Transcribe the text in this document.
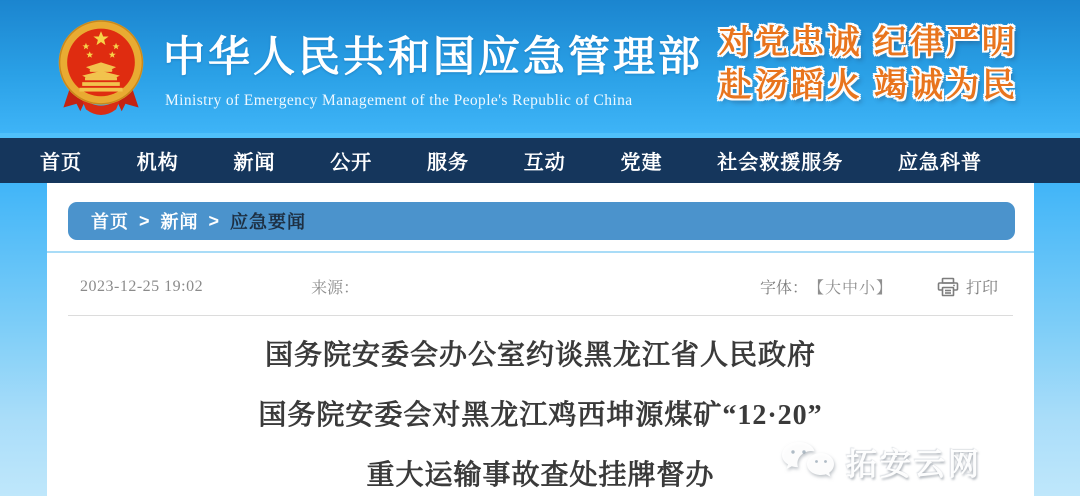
中华人民共和国应急管理部
Ministry of Emergency Management of the People's Republic of China
对党忠诚 纪律严明
赴汤蹈火 竭诚为民
首页	机构	新闻	公开	服务	互动	党建	社会救援服务	应急科普
首页 > 新闻 > 应急要闻
2023-12-25 19:02	来源：	字体： 【大中小】	打印
国务院安委会办公室约谈黑龙江省人民政府
国务院安委会对黑龙江鸡西坤源煤矿“12·20”
重大运输事故查处挂牌督办	拓安云网
